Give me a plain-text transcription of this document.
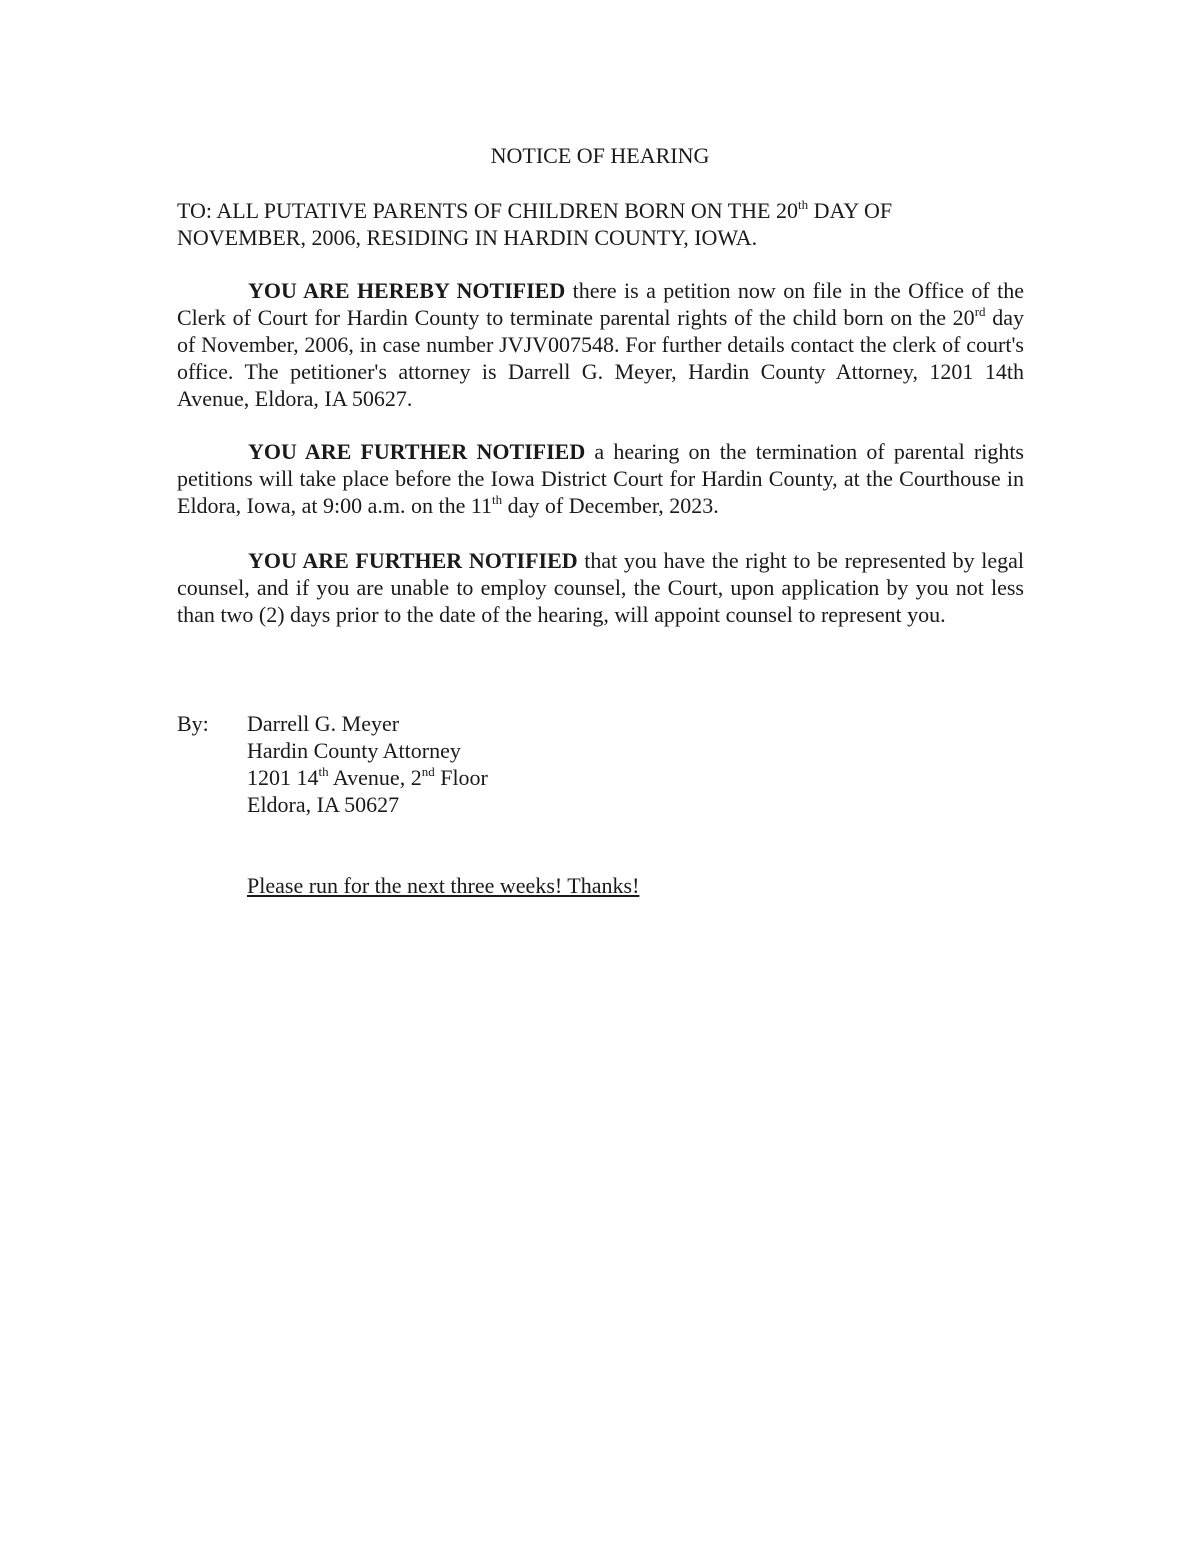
NOTICE OF HEARING
TO: ALL PUTATIVE PARENTS OF CHILDREN BORN ON THE 20th DAY OF
NOVEMBER, 2006, RESIDING IN HARDIN COUNTY, IOWA.
YOU ARE HEREBY NOTIFIED there is a petition now on file in the Office of the Clerk of Court for Hardin County to terminate parental rights of the child born on the 20rd day of November, 2006, in case number JVJV007548. For further details contact the clerk of court's office. The petitioner's attorney is Darrell G. Meyer, Hardin County Attorney, 1201 14th Avenue, Eldora, IA 50627.
YOU ARE FURTHER NOTIFIED a hearing on the termination of parental rights petitions will take place before the Iowa District Court for Hardin County, at the Courthouse in Eldora, Iowa, at 9:00 a.m. on the 11th day of December, 2023.
YOU ARE FURTHER NOTIFIED that you have the right to be represented by legal counsel, and if you are unable to employ counsel, the Court, upon application by you not less than two (2) days prior to the date of the hearing, will appoint counsel to represent you.
By: Darrell G. Meyer
Hardin County Attorney
1201 14th Avenue, 2nd Floor
Eldora, IA 50627
Please run for the next three weeks! Thanks!
